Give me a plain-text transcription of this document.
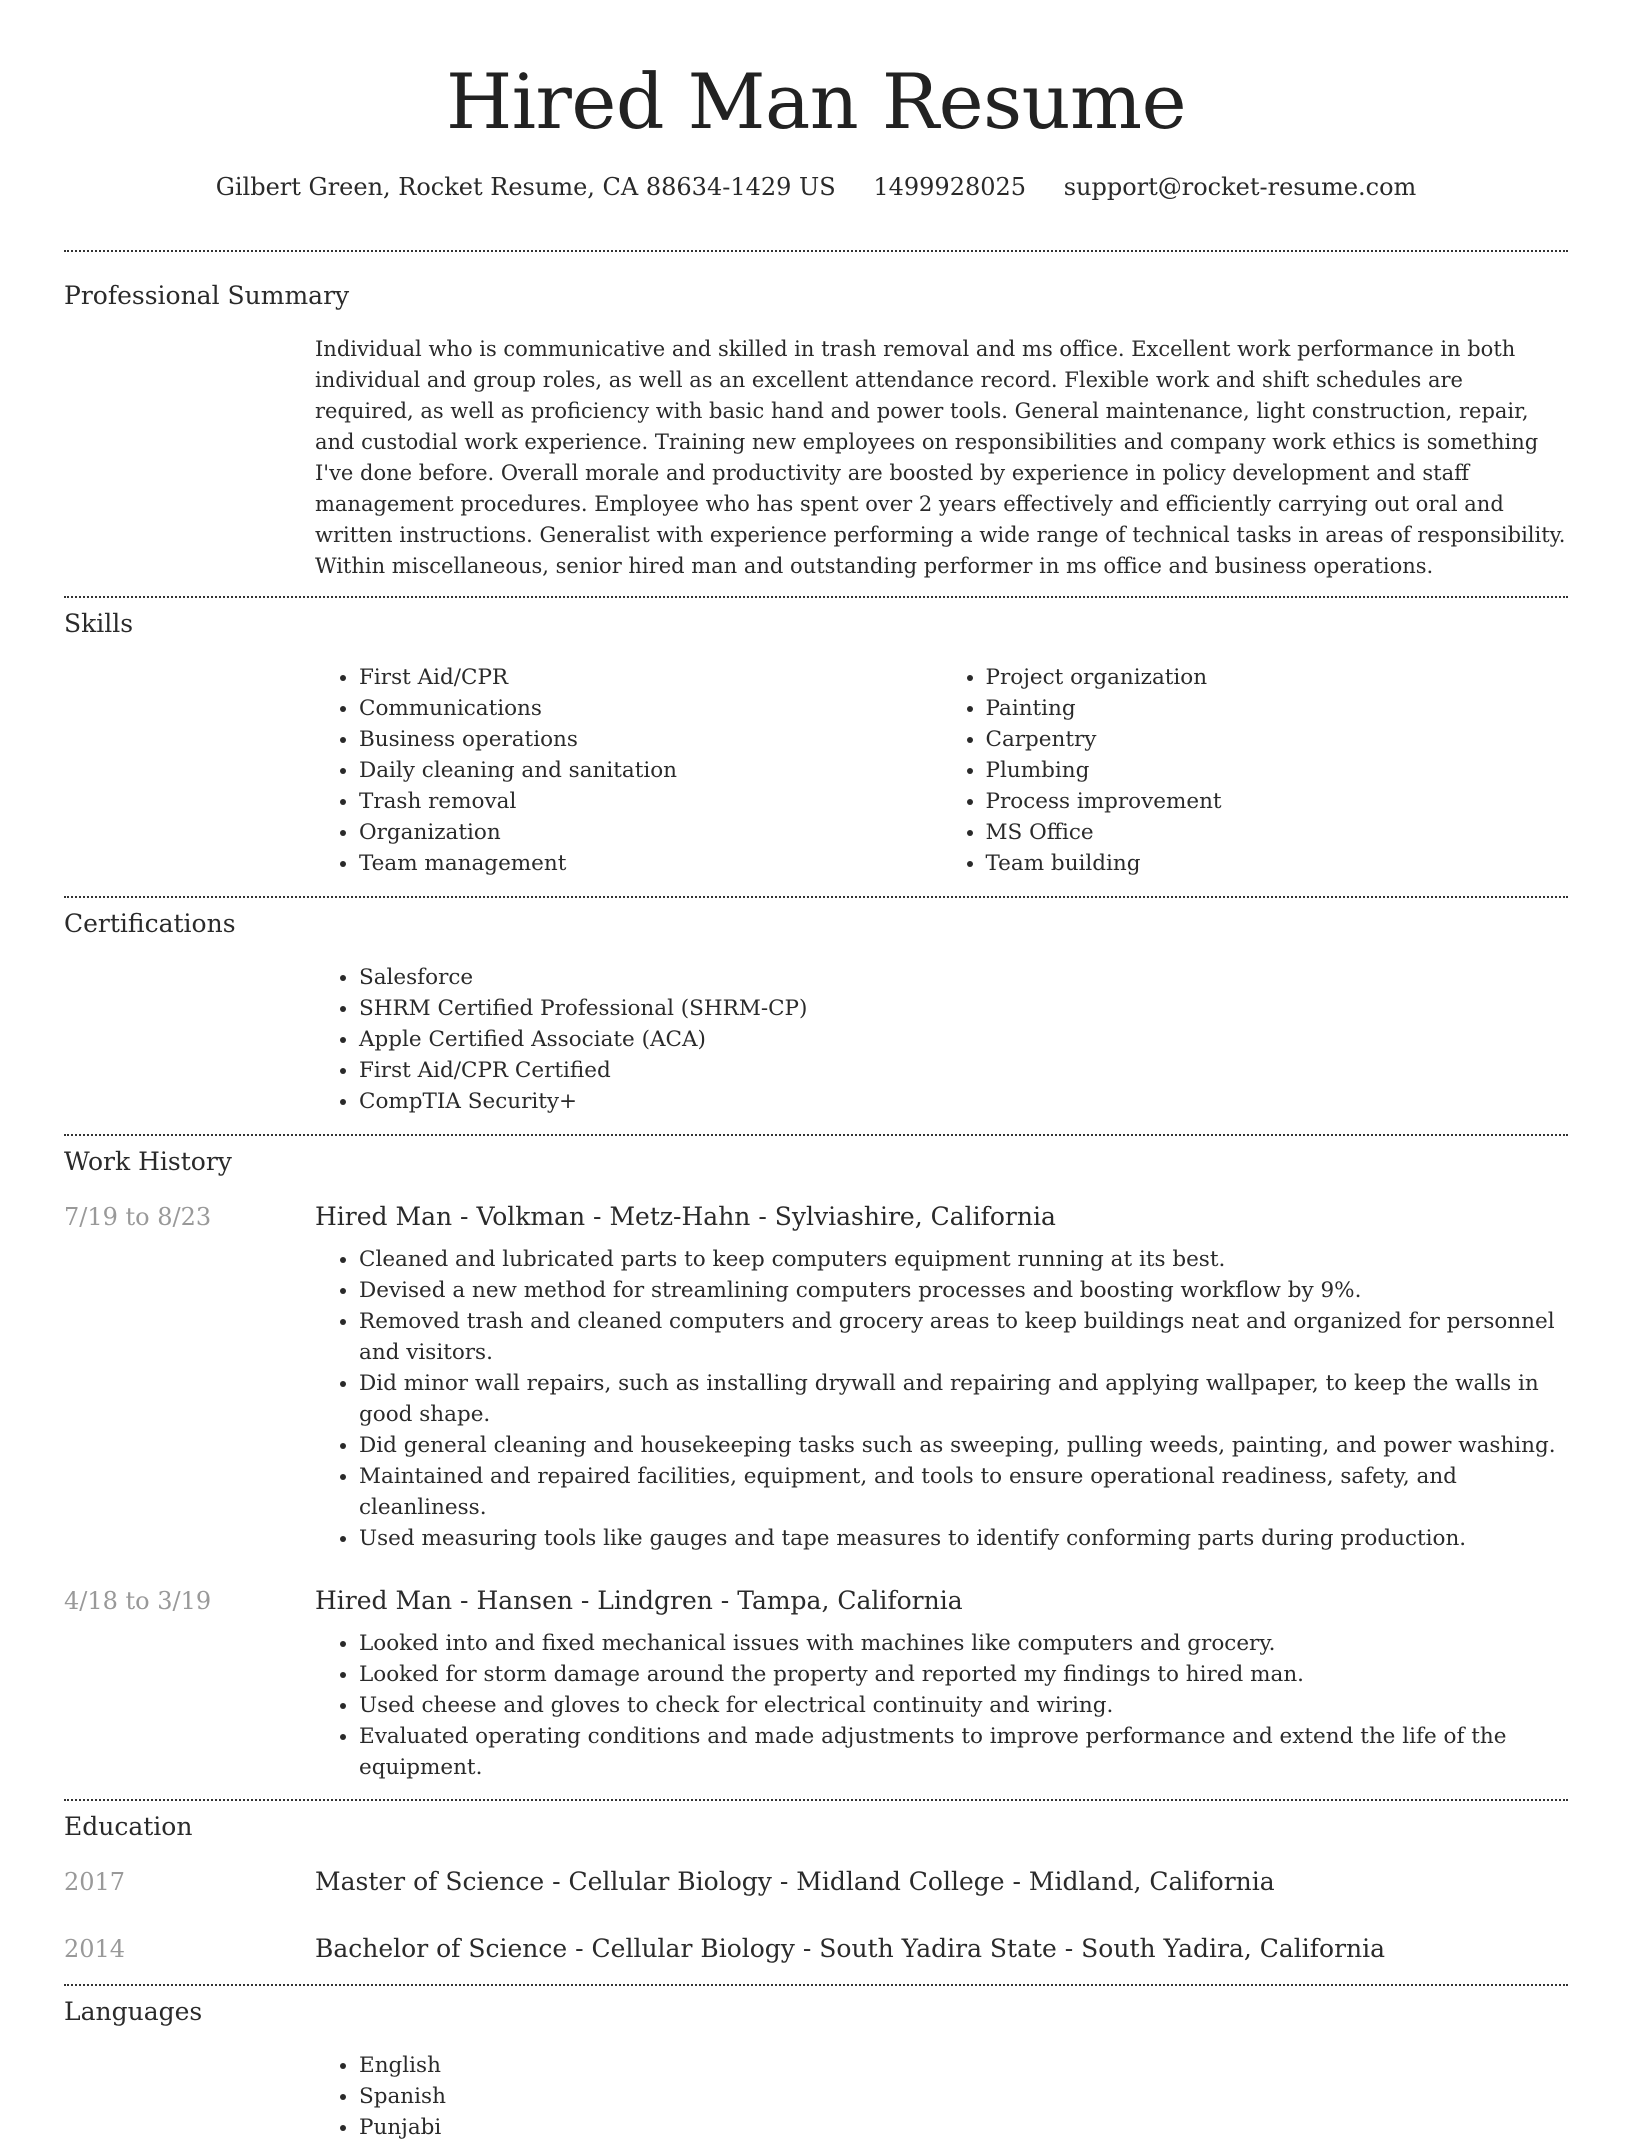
Hired Man Resume
Gilbert Green, Rocket Resume, CA 88634-1429 US 1499928025 support@rocket-resume.com
Professional Summary

Individual who is communicative and skilled in trash removal and ms office. Excellent work performance in both individual and group roles, as well as an excellent attendance record. Flexible work and shift schedules are required, as well as proficiency with basic hand and power tools. General maintenance, light construction, repair, and custodial work experience. Training new employees on responsibilities and company work ethics is something I've done before. Overall morale and productivity are boosted by experience in policy development and staff management procedures. Employee who has spent over 2 years effectively and efficiently carrying out oral and written instructions. Generalist with experience performing a wide range of technical tasks in areas of responsibility. Within miscellaneous, senior hired man and outstanding performer in ms office and business operations.

Skills
• First Aid/CPR
• Communications
• Business operations
• Daily cleaning and sanitation
• Trash removal
• Organization
• Team management
• Project organization
• Painting
• Carpentry
• Plumbing
• Process improvement
• MS Office
• Team building
Certifications
• Salesforce
• SHRM Certified Professional (SHRM-CP)
• Apple Certified Associate (ACA)
• First Aid/CPR Certified
• CompTIA Security+
Work History
7/19 to 8/23	Hired Man - Volkman - Metz-Hahn - Sylviashire, California
• Cleaned and lubricated parts to keep computers equipment running at its best.
• Devised a new method for streamlining computers processes and boosting workflow by 9%.
• Removed trash and cleaned computers and grocery areas to keep buildings neat and organized for personnel and visitors.
• Did minor wall repairs, such as installing drywall and repairing and applying wallpaper, to keep the walls in good shape.
• Did general cleaning and housekeeping tasks such as sweeping, pulling weeds, painting, and power washing.
• Maintained and repaired facilities, equipment, and tools to ensure operational readiness, safety, and cleanliness.
• Used measuring tools like gauges and tape measures to identify conforming parts during production.
4/18 to 3/19	Hired Man - Hansen - Lindgren - Tampa, California
• Looked into and fixed mechanical issues with machines like computers and grocery.
• Looked for storm damage around the property and reported my findings to hired man.
• Used cheese and gloves to check for electrical continuity and wiring.
• Evaluated operating conditions and made adjustments to improve performance and extend the life of the equipment.
Education
2017	Master of Science - Cellular Biology - Midland College - Midland, California
2014	Bachelor of Science - Cellular Biology - South Yadira State - South Yadira, California
Languages
• English
• Spanish
• Punjabi
